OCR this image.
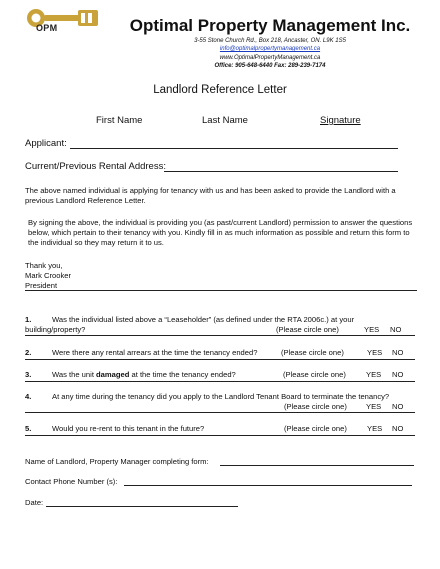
OPM	Optimal Property Management Inc.
3-55 Stone Church Rd., Box 218, Ancaster, ON. L9K 1S5
info@optimalpropertymanagement.ca
www.OptimalPropertyManagement.ca
Office: 905-648-6440 Fax: 289-239-7174
Landlord Reference Letter
First Name	Last Name	Signature
Applicant:
Current/Previous Rental Address:
The above named individual is applying for tenancy with us and has been asked to provide the Landlord with a previous Landlord Reference Letter.
By signing the above, the individual is providing you (as past/current Landlord) permission to answer the questions below, which pertain to their tenancy with you. Kindly fill in as much information as possible and return this form to the individual so they may return it to us.
Thank you,
Mark Crooker
President
1.	Was the individual listed above a “Leaseholder” (as defined under the RTA 2006c.) at your
building/property?	(Please circle one)	YES NO
2.	Were there any rental arrears at the time the tenancy ended?	(Please circle one)	YES NO
3.	Was the unit damaged at the time the tenancy ended?	(Please circle one)	YES NO
4.	At any time during the tenancy did you apply to the Landlord Tenant Board to terminate the tenancy?
(Please circle one)	YES NO
5.	Would you re-rent to this tenant in the future?	(Please circle one)	YES NO
Name of Landlord, Property Manager completing form:
Contact Phone Number (s):
Date:
